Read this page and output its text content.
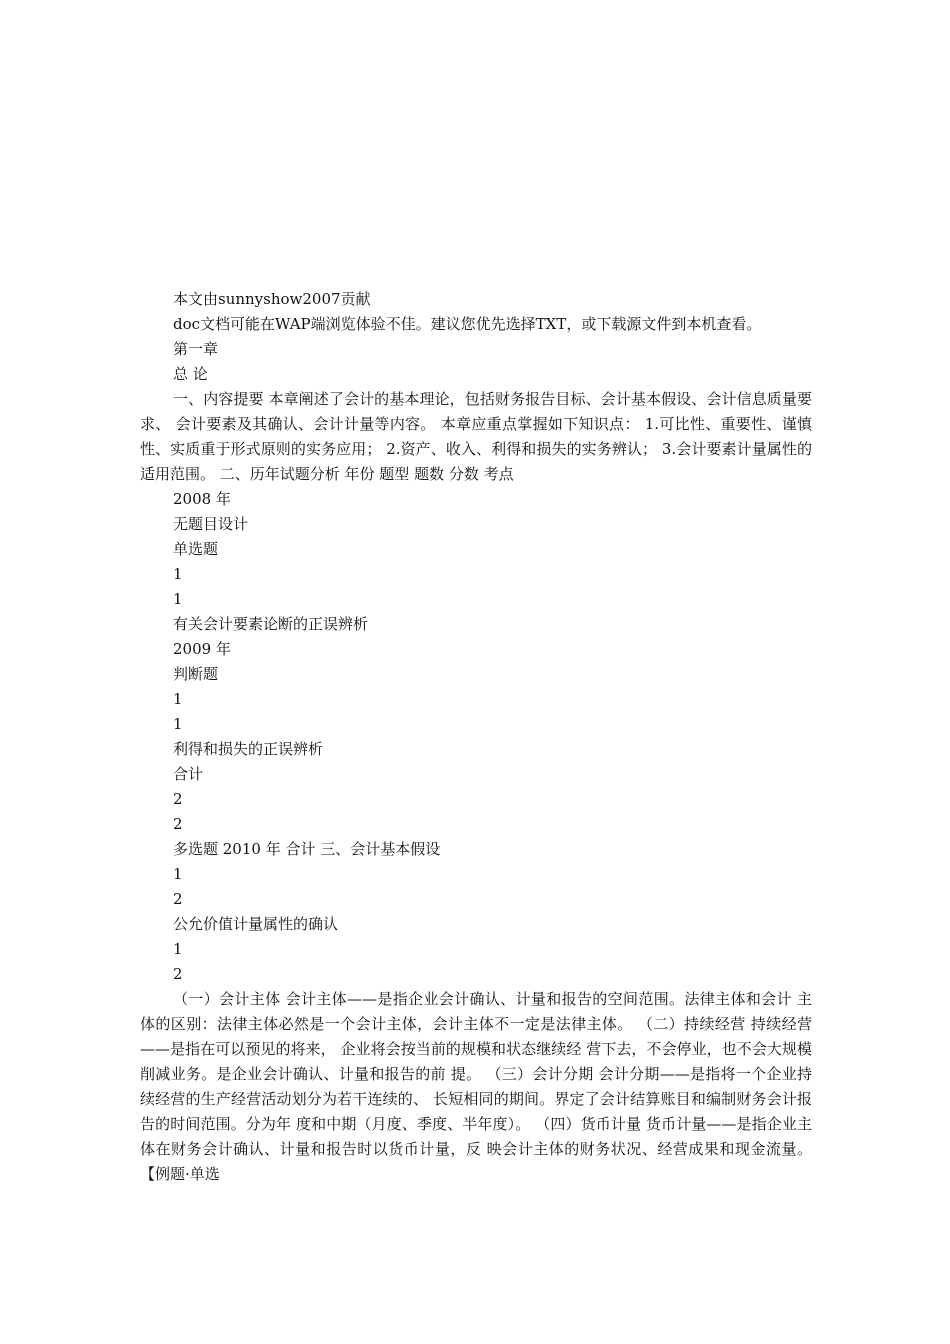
本文由sunnyshow2007贡献
doc文档可能在WAP端浏览体验不佳。建议您优先选择TXT，或下载源文件到本机查看。
第一章
总 论

一、内容提要 本章阐述了会计的基本理论，包括财务报告目标、会计基本假设、会计信息质量要求、 会计要素及其确认、会计计量等内容。 本章应重点掌握如下知识点： 1.可比性、重要性、谨慎性、实质重于形式原则的实务应用； 2.资产、收入、利得和损失的实务辨认； 3.会计要素计量属性的适用范围。 二、历年试题分析 年份 题型 题数 分数 考点

2008 年
无题目设计
单选题
1
1
有关会计要素论断的正误辨析
2009 年
判断题
1
1
利得和损失的正误辨析
合计
2
2
多选题 2010 年 合计 三、会计基本假设
1
2
公允价值计量属性的确认
1
2

（一）会计主体 会计主体——是指企业会计确认、计量和报告的空间范围。法律主体和会计 主体的区别：法律主体必然是一个会计主体，会计主体不一定是法律主体。 （二）持续经营 持续经营——是指在可以预见的将来， 企业将会按当前的规模和状态继续经 营下去，不会停业，也不会大规模削减业务。是企业会计确认、计量和报告的前 提。 （三）会计分期 会计分期——是指将一个企业持续经营的生产经营活动划分为若干连续的、 长短相同的期间。界定了会计结算账目和编制财务会计报告的时间范围。分为年 度和中期（月度、季度、半年度）。 （四）货币计量 货币计量——是指企业主体在财务会计确认、计量和报告时以货币计量，反 映会计主体的财务状况、经营成果和现金流量。 【例题·单选
